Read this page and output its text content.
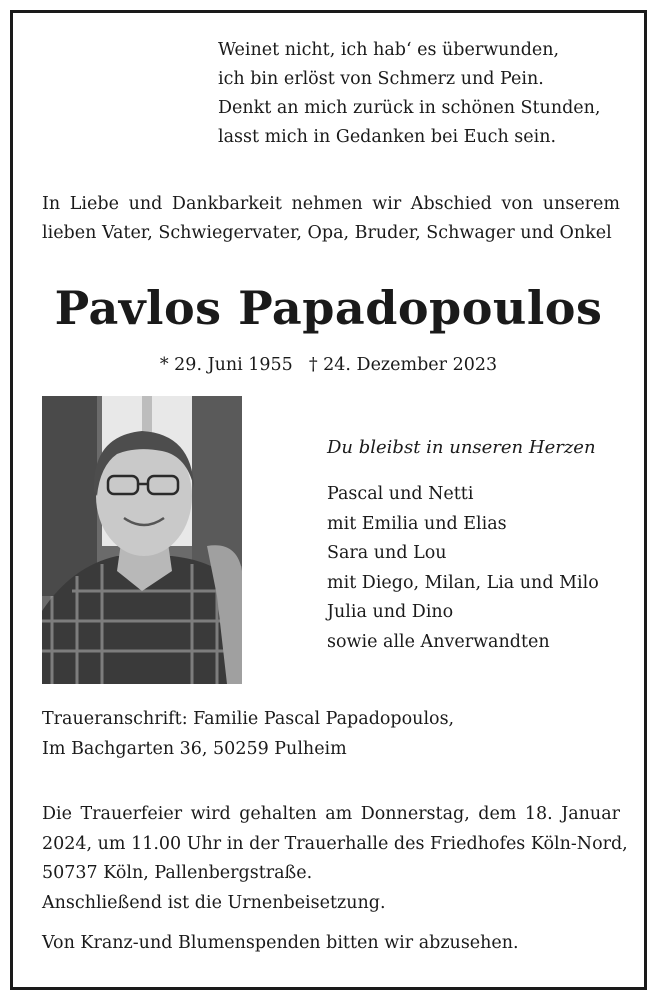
Weinet nicht, ich hab‘ es überwunden,
ich bin erlöst von Schmerz und Pein.
Denkt an mich zurück in schönen Stunden,
lasst mich in Gedanken bei Euch sein.
In Liebe und Dankbarkeit nehmen wir Abschied von unserem
lieben Vater, Schwiegervater, Opa, Bruder, Schwager und Onkel
Pavlos Papadopoulos
* 29. Juni 1955 † 24. Dezember 2023
Du bleibst in unseren Herzen
Pascal und Netti
mit Emilia und Elias
Sara und Lou
mit Diego, Milan, Lia und Milo
Julia und Dino
sowie alle Anverwandten
Traueranschrift: Familie Pascal Papadopoulos,
Im Bachgarten 36, 50259 Pulheim
Die Trauerfeier wird gehalten am Donnerstag, dem 18. Januar
2024, um 11.00 Uhr in der Trauerhalle des Friedhofes Köln-Nord,
50737 Köln, Pallenbergstraße.
Anschließend ist die Urnenbeisetzung.
Von Kranz-und Blumenspenden bitten wir abzusehen.
